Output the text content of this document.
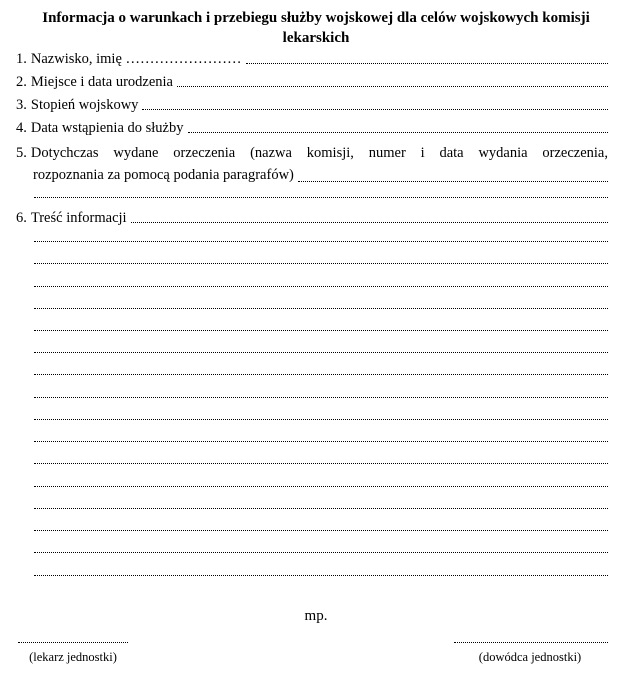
Informacja o warunkach i przebiegu służby wojskowej dla celów wojskowych komisji lekarskich
1. Nazwisko, imię ……………………
2. Miejsce i data urodzenia
3. Stopień wojskowy
4. Data wstąpienia do służby
5. Dotychczas wydane orzeczenia (nazwa komisji, numer i data wydania orzeczenia,
rozpoznania za pomocą podania paragrafów)
6. Treść informacji
mp.
(lekarz jednostki)	(dowódca jednostki)
